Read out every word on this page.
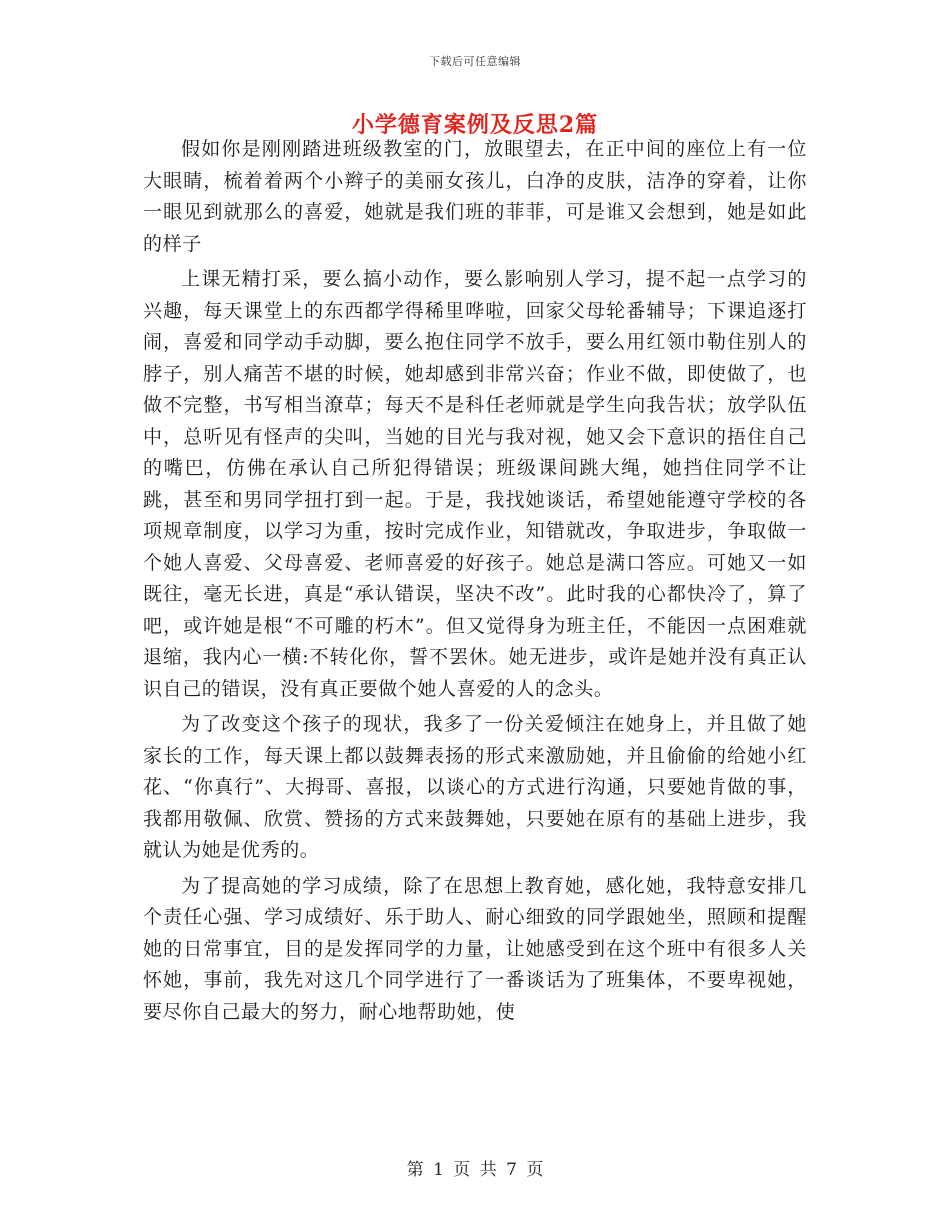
下载后可任意编辑
小学德育案例及反思2篇

假如你是刚刚踏进班级教室的门，放眼望去，在正中间的座位上有一位大眼睛，梳着着两个小辫子的美丽女孩儿，白净的皮肤，洁净的穿着，让你一眼见到就那么的喜爱，她就是我们班的菲菲，可是谁又会想到，她是如此的样子

上课无精打采，要么搞小动作，要么影响别人学习，提不起一点学习的兴趣，每天课堂上的东西都学得稀里哗啦，回家父母轮番辅导；下课追逐打闹，喜爱和同学动手动脚，要么抱住同学不放手，要么用红领巾勒住别人的脖子，别人痛苦不堪的时候，她却感到非常兴奋；作业不做，即使做了，也做不完整，书写相当潦草；每天不是科任老师就是学生向我告状；放学队伍中，总听见有怪声的尖叫，当她的目光与我对视，她又会下意识的捂住自己的嘴巴，仿佛在承认自己所犯得错误；班级课间跳大绳，她挡住同学不让跳，甚至和男同学扭打到一起。于是，我找她谈话，希望她能遵守学校的各项规章制度，以学习为重，按时完成作业，知错就改，争取进步，争取做一个她人喜爱、父母喜爱、老师喜爱的好孩子。她总是满口答应。可她又一如既往，毫无长进，真是“承认错误，坚决不改”。此时我的心都快冷了，算了吧，或许她是根“不可雕的朽木”。但又觉得身为班主任，不能因一点困难就退缩，我内心一横:不转化你，誓不罢休。她无进步，或许是她并没有真正认识自己的错误，没有真正要做个她人喜爱的人的念头。

为了改变这个孩子的现状，我多了一份关爱倾注在她身上，并且做了她家长的工作，每天课上都以鼓舞表扬的形式来激励她，并且偷偷的给她小红花、“你真行”、大拇哥、喜报，以谈心的方式进行沟通，只要她肯做的事，我都用敬佩、欣赏、赞扬的方式来鼓舞她，只要她在原有的基础上进步，我就认为她是优秀的。

为了提高她的学习成绩，除了在思想上教育她，感化她，我特意安排几个责任心强、学习成绩好、乐于助人、耐心细致的同学跟她坐，照顾和提醒她的日常事宜，目的是发挥同学的力量，让她感受到在这个班中有很多人关怀她，事前，我先对这几个同学进行了一番谈话为了班集体，不要卑视她，要尽你自己最大的努力，耐心地帮助她，使

第 1 页 共 7 页
